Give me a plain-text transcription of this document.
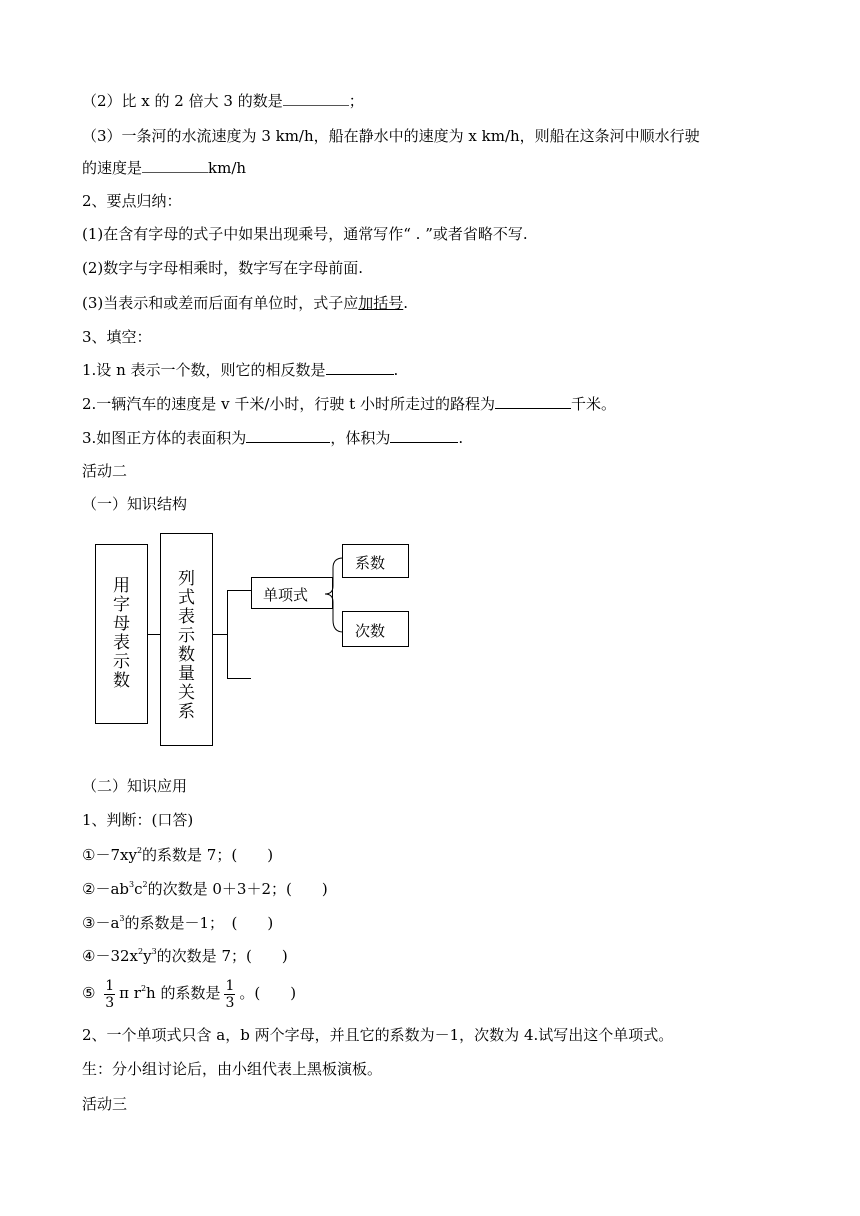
（2）比 x 的 2 倍大 3 的数是	；
（3）一条河的水流速度为 3 km/h，船在静水中的速度为 x km/h，则船在这条河中顺水行驶
的速度是	km/h
2、要点归纳：
(1)在含有字母的式子中如果出现乘号，通常写作“ . ”或者省略不写.
(2)数字与字母相乘时，数字写在字母前面.
(3)当表示和或差而后面有单位时，式子应加括号.
3、填空：
1.设 n 表示一个数，则它的相反数是	.
2.一辆汽车的速度是 v 千米/小时，行驶 t 小时所走过的路程为	千米。
3.如图正方体的表面积为	，体积为	.
活动二
（一）知识结构
用
字
母
表
示
数
列
式
表
示
数
量
关
系
单项式
系数
次数
（二）知识应用
1、判断：(口答)
$①-7xy^2$的系数是 7；(　　)
$②-ab^3c^2$的次数是 0＋3＋2；(　　)
$③-a^3$的系数是－1；　(　　)
$④-32x^2y^3$的次数是 7；(　　)
⑤ $\frac{1}{3}$ π $r^2h$ 的系数是 $\frac{1}{3}$ 。(　　)
2、一个单项式只含 a，b 两个字母，并且它的系数为－1，次数为 4.试写出这个单项式。
生：分小组讨论后，由小组代表上黑板演板。
活动三
